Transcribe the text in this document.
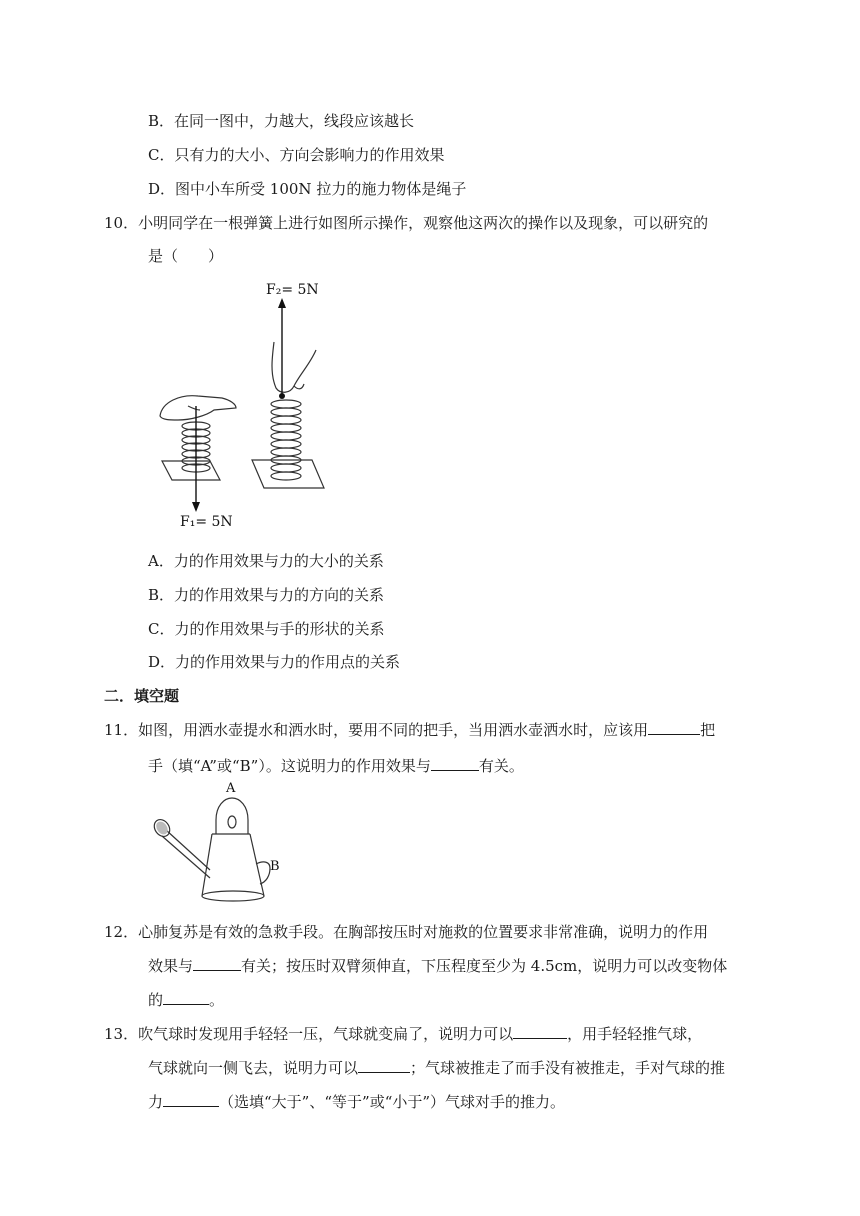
B．在同一图中，力越大，线段应该越长
C．只有力的大小、方向会影响力的作用效果
D．图中小车所受 100N 拉力的施力物体是绳子
10．小明同学在一根弹簧上进行如图所示操作，观察他这两次的操作以及现象，可以研究的
是（　　）
F₁= 5N
F₂= 5N
A．力的作用效果与力的大小的关系
B．力的作用效果与力的方向的关系
C．力的作用效果与手的形状的关系
D．力的作用效果与力的作用点的关系
二．填空题
11．如图，用洒水壶提水和洒水时，要用不同的把手，当用洒水壶洒水时，应该用	把
手（填“A”或“B”）。这说明力的作用效果与	有关。
A
B
12．心肺复苏是有效的急救手段。在胸部按压时对施救的位置要求非常准确，说明力的作用
效果与	有关；按压时双臂须伸直，下压程度至少为 4.5cm，说明力可以改变物体
的	。
13．吹气球时发现用手轻轻一压，气球就变扁了，说明力可以	，用手轻轻推气球，
气球就向一侧飞去，说明力可以	；气球被推走了而手没有被推走，手对气球的推
力	（选填“大于”、“等于”或“小于”）气球对手的推力。
